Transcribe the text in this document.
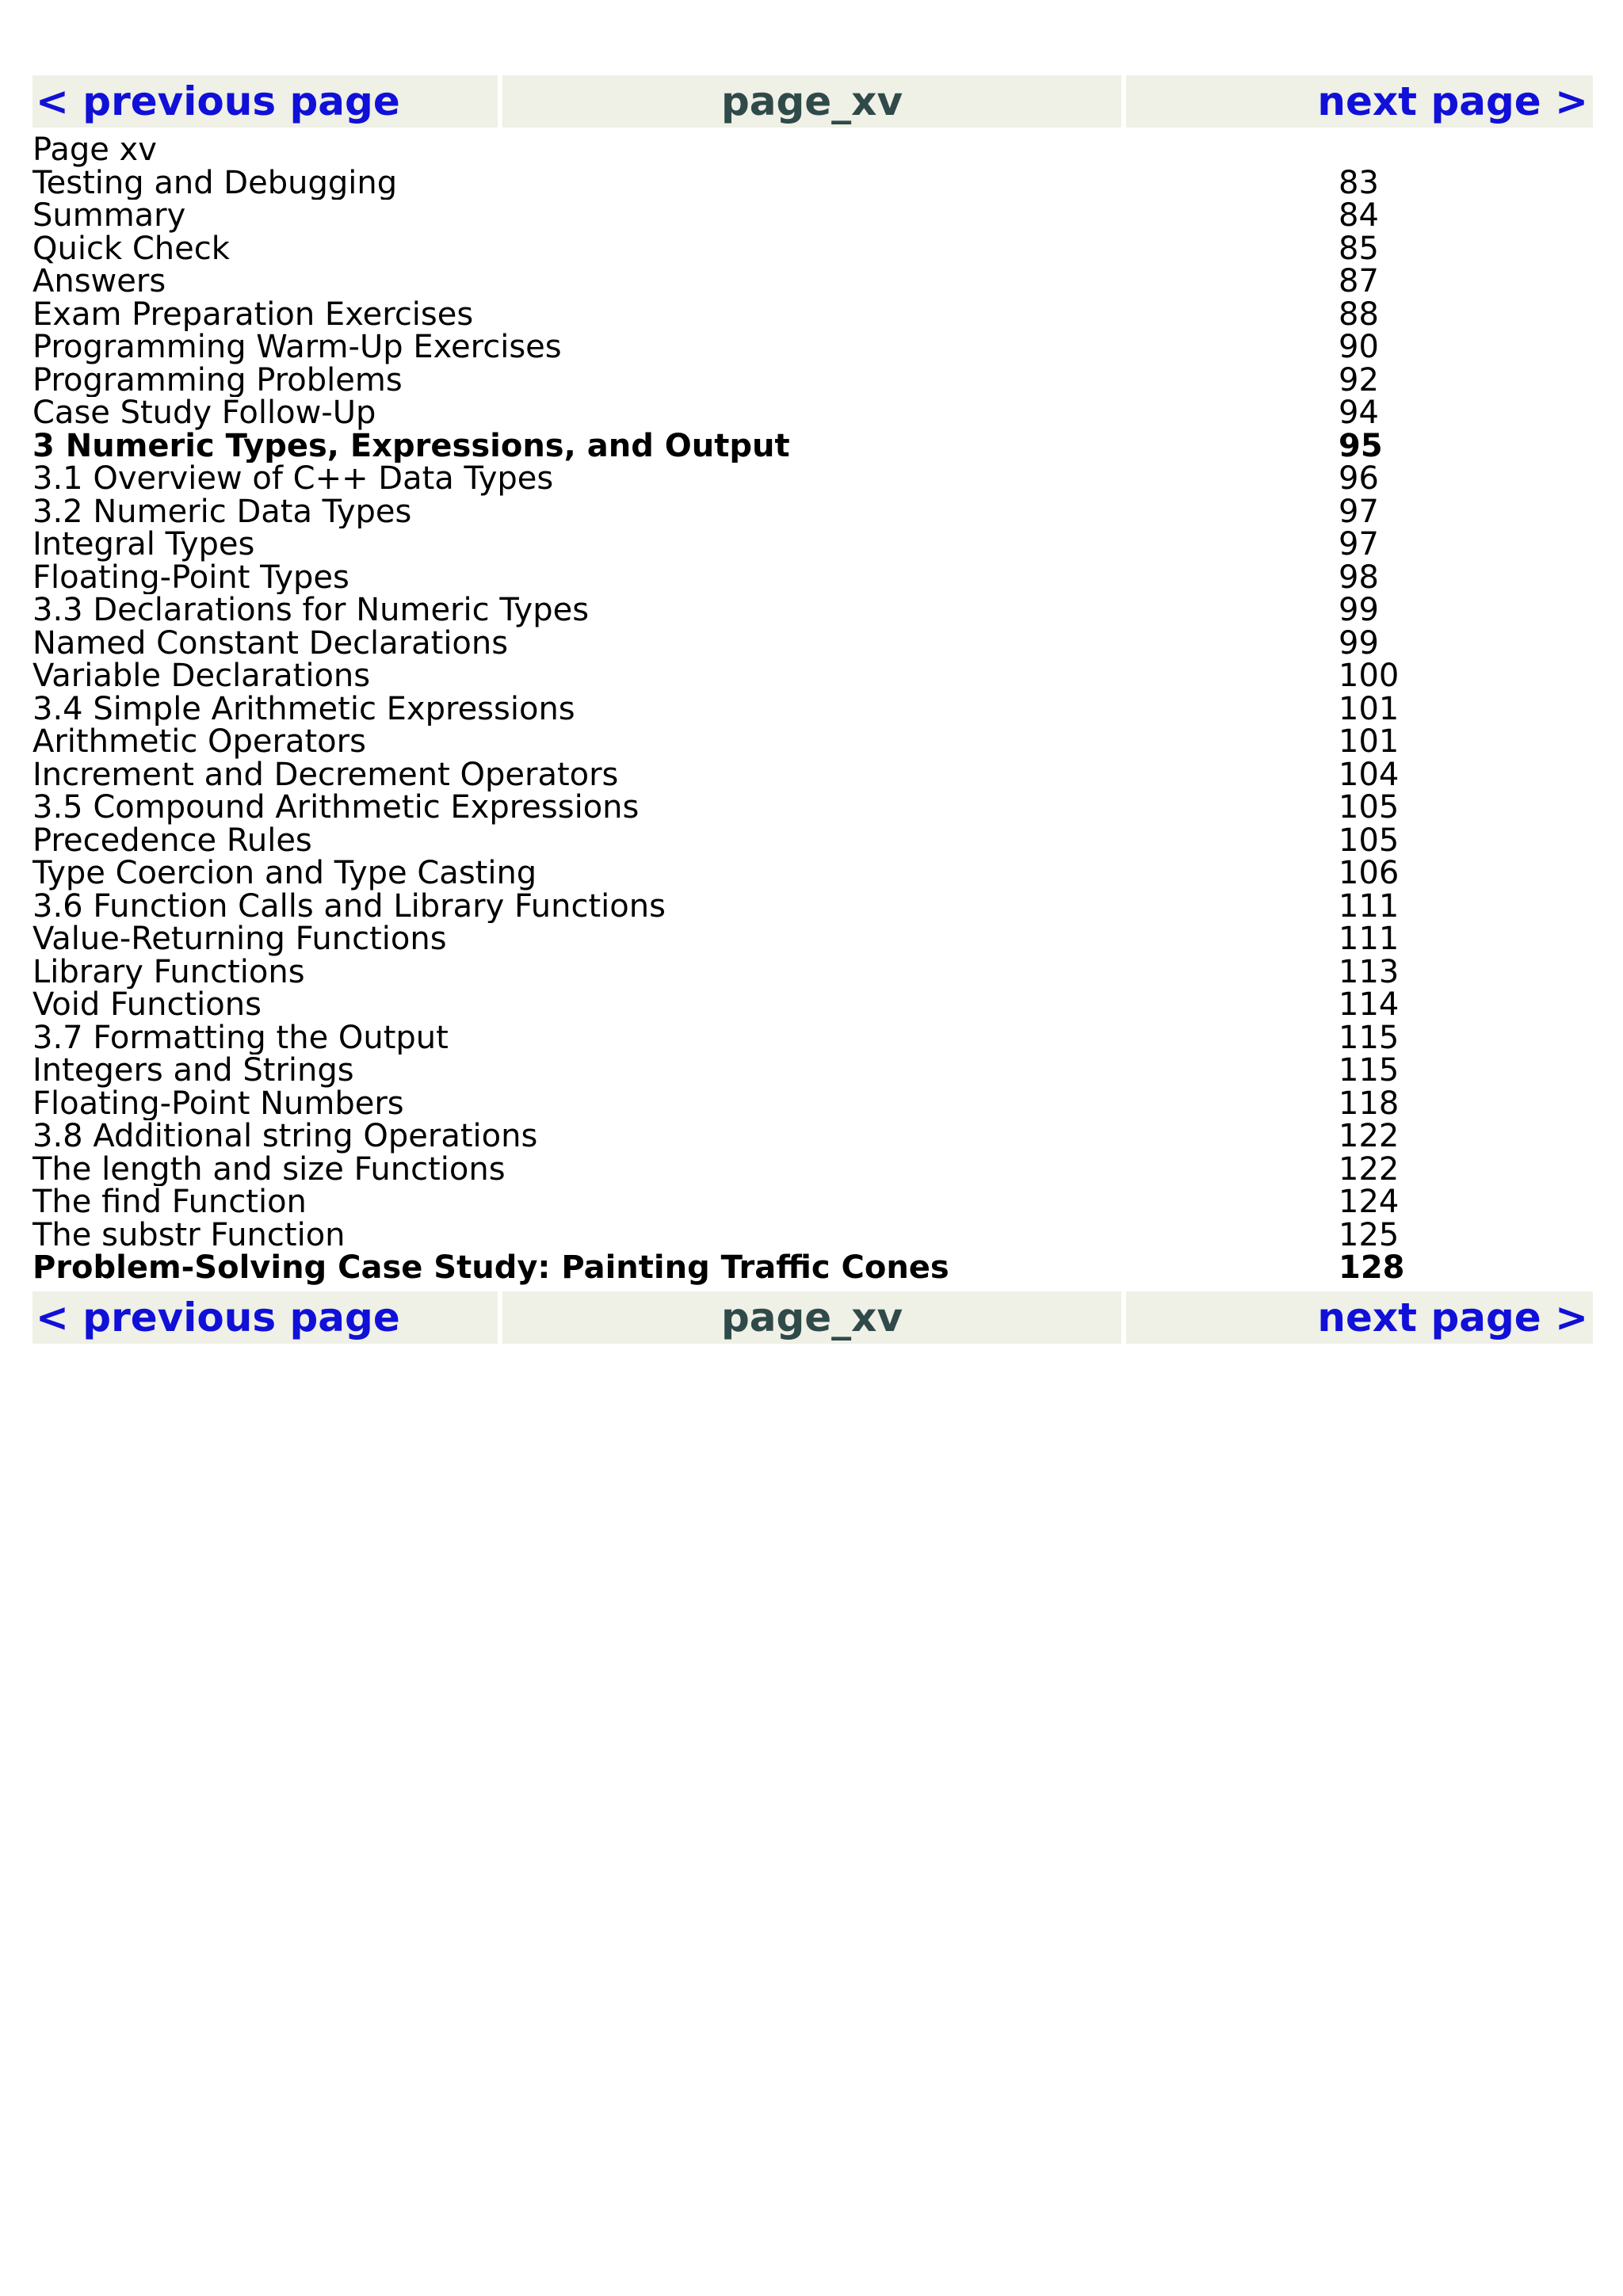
< previous page	page_xv	next page >
Page xv
Testing and Debugging	83
Summary	84
Quick Check	85
Answers	87
Exam Preparation Exercises	88
Programming Warm-Up Exercises	90
Programming Problems	92
Case Study Follow-Up	94
3 Numeric Types, Expressions, and Output	95
3.1 Overview of C++ Data Types	96
3.2 Numeric Data Types	97
Integral Types	97
Floating-Point Types	98
3.3 Declarations for Numeric Types	99
Named Constant Declarations	99
Variable Declarations	100
3.4 Simple Arithmetic Expressions	101
Arithmetic Operators	101
Increment and Decrement Operators	104
3.5 Compound Arithmetic Expressions	105
Precedence Rules	105
Type Coercion and Type Casting	106
3.6 Function Calls and Library Functions	111
Value-Returning Functions	111
Library Functions	113
Void Functions	114
3.7 Formatting the Output	115
Integers and Strings	115
Floating-Point Numbers	118
3.8 Additional string Operations	122
The length and size Functions	122
The find Function	124
The substr Function	125
Problem-Solving Case Study: Painting Traffic Cones	128
< previous page	page_xv	next page >
